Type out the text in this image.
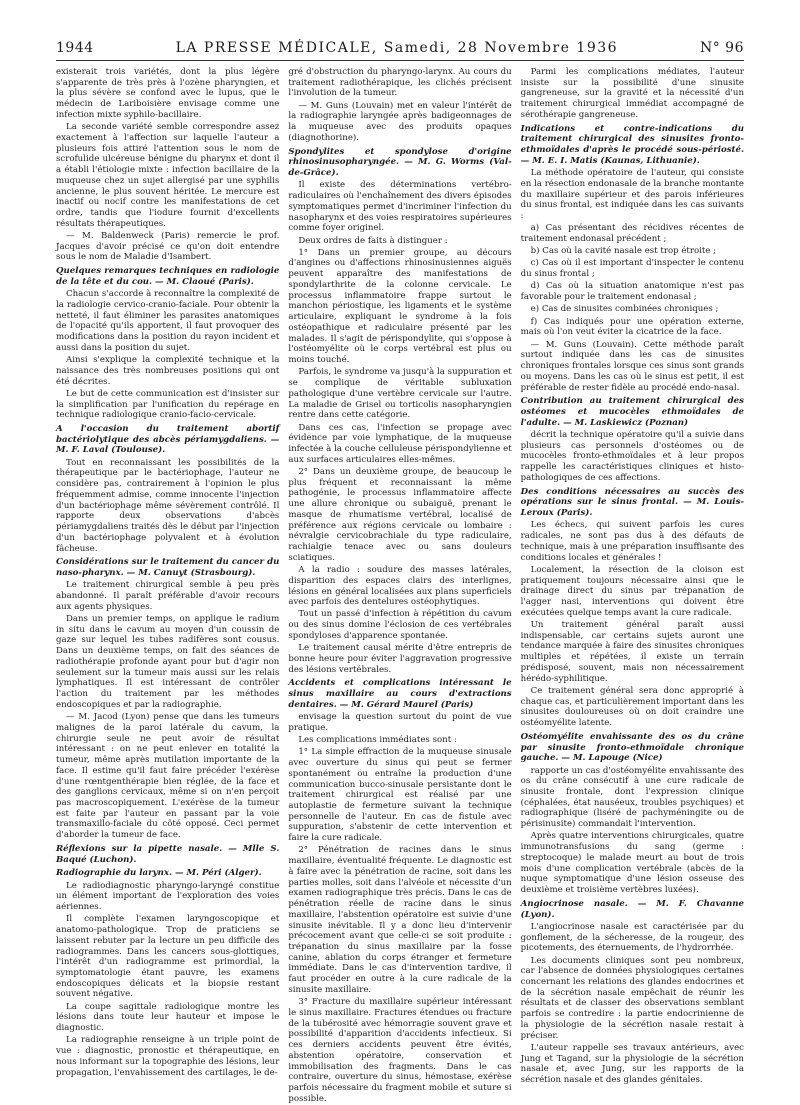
1944	LA PRESSE MÉDICALE, Samedi, 28 Novembre 1936	N° 96

existerait trois variétés, dont la plus légère s'apparente de très près à l'ozène pharyngien, et la plus sévère se confond avec le lupus, que le médecin de Lariboisière envisage comme une infection mixte syphilo-bacillaire.

La seconde variété semble correspondre assez exactement à l'affection sur laquelle l'auteur a plusieurs fois attiré l'attention sous le nom de scrofulide ulcéreuse bénigne du pharynx et dont il a établi l'étiologie mixte : infection bacillaire de la muqueuse chez un sujet allergisé par une syphilis ancienne, le plus souvent héritée. Le mercure est inactif ou nocif contre les manifestations de cet ordre, tandis que l'iodure fournit d'excellents résultats thérapeutiques.

— M. Baldenweck (Paris) remercie le prof. Jacques d'avoir précisé ce qu'on doit entendre sous le nom de Maladie d'Isambert.

Quelques remarques techniques en radiologie de la tête et du cou. — M. Claoué (Paris).

Chacun s'accorde à reconnaître la complexité de la radiologie cervico-cranio-faciale. Pour obtenir la netteté, il faut éliminer les parasites anatomiques de l'opacité qu'ils apportent, il faut provoquer des modifications dans la position du rayon incident et aussi dans la position du sujet.

Ainsi s'explique la complexité technique et la naissance des très nombreuses positions qui ont été décrites.

Le but de cette communication est d'insister sur la simplification par l'unification du repérage en technique radiologique cranio-facio-cervicale.

A l'occasion du traitement abortif bactériolytique des abcès périamygdaliens. — M. F. Laval (Toulouse).

Tout en reconnaissant les possibilités de la thérapeutique par le bactériophage, l'auteur ne considère pas, contrairement à l'opinion le plus fréquemment admise, comme innocente l'injection d'un bactériophage même sévèrement contrôlé. Il rapporte deux observations d'abcès périamygdaliens traités dès le début par l'injection d'un bactériophage polyvalent et à évolution fâcheuse.

Considérations sur le traitement du cancer du naso-pharynx. — M. Canuyt (Strasbourg).

Le traitement chirurgical semble à peu près abandonné. Il paraît préférable d'avoir recours aux agents physiques.

Dans un premier temps, on applique le radium in situ dans le cavum au moyen d'un coussin de gaze sur lequel les tubes radifères sont cousus. Dans un deuxième temps, on fait des séances de radiothérapie profonde ayant pour but d'agir non seulement sur la tumeur mais aussi sur les relais lymphatiques. Il est intéressant de contrôler l'action du traitement par les méthodes endoscopiques et par la radiographie.

— M. Jacod (Lyon) pense que dans les tumeurs malignes de la paroi latérale du cavum, la chirurgie seule ne peut avoir de résultat intéressant : on ne peut enlever en totalité la tumeur, même après mutilation importante de la face. Il estime qu'il faut faire précéder l'exérèse d'une rœntgenthérapie bien réglée, de la face et des ganglions cervicaux, même si on n'en perçoit pas macroscopiquement. L'exérèse de la tumeur est faite par l'auteur en passant par la voie transmaxillo-faciale du côté opposé. Ceci permet d'aborder la tumeur de face.

Réflexions sur la pipette nasale. — Mlle S. Baqué (Luchon).

Radiographie du larynx. — M. Péri (Alger).

Le radiodiagnostic pharyngo-laryngé constitue un élément important de l'exploration des voies aériennes.

Il complète l'examen laryngoscopique et anatomo-pathologique. Trop de praticiens se laissent rebuter par la lecture un peu difficile des radiogrammes. Dans les cancers sous-glottiques, l'intérêt d'un radiogramme est primordial, la symptomatologie étant pauvre, les examens endoscopiques délicats et la biopsie restant souvent négative.

La coupe sagittale radiologique montre les lésions dans toute leur hauteur et impose le diagnostic.

La radiographie renseigne à un triple point de vue : diagnostic, pronostic et thérapeutique, en nous informant sur la topographie des lésions, leur propagation, l'envahissement des cartilages, le de-

gré d'obstruction du pharyngo-larynx. Au cours du traitement radiothérapique, les clichés précisent l'involution de la tumeur.

— M. Guns (Louvain) met en valeur l'intérêt de la radiographie laryngée après badigeonnages de la muqueuse avec des produits opaques (diagnothorine).

Spondylites et spondylose d'origine rhinosinusopharyngée. — M. G. Worms (Val-de-Grâce).

Il existe des déterminations vertébro-radiculaires où l'enchaînement des divers épisodes symptomatiques permet d'incriminer l'infection du nasopharynx et des voies respiratoires supérieures comme foyer originel.

Deux ordres de faits à distinguer :

1° Dans un premier groupe, au décours d'angines ou d'affections rhinosinusiennes aiguës peuvent apparaître des manifestations de spondylarthrite de la colonne cervicale. Le processus inflammatoire frappe surtout le manchon périostique, les ligaments et le système articulaire, expliquant le syndrome à la fois ostéopathique et radiculaire présenté par les malades. Il s'agit de périspondylite, qui s'oppose à l'ostéomyélite où le corps vertébral est plus ou moins touché.

Parfois, le syndrome va jusqu'à la suppuration et se complique de véritable subluxation pathologique d'une vertèbre cervicale sur l'autre. La maladie de Grisel ou torticolis nasopharyngien rentre dans cette catégorie.

Dans ces cas, l'infection se propage avec évidence par voie lymphatique, de la muqueuse infectée à la couche celluleuse périspondylienne et aux surfaces articulaires elles-mêmes.

2° Dans un deuxième groupe, de beaucoup le plus fréquent et reconnaissant la même pathogénie, le processus inflammatoire affecte une allure chronique ou subaiguë, prenant le masque de rhumatisme vertébral, localisé de préférence aux régions cervicale ou lombaire : névralgie cervicobrachiale du type radiculaire, rachialgie tenace avec ou sans douleurs sciatiques.

A la radio : soudure des masses latérales, disparition des espaces clairs des interlignes, lésions en général localisées aux plans superficiels avec parfois des dentelures ostéophytiques.

Tout un passé d'infection à répétition du cavum ou des sinus domine l'éclosion de ces vertébrales spondyloses d'apparence spontanée.

Le traitement causal mérite d'être entrepris de bonne heure pour éviter l'aggravation progressive des lésions vertébrales.

Accidents et complications intéressant le sinus maxillaire au cours d'extractions dentaires. — M. Gérard Maurel (Paris)

envisage la question surtout du point de vue pratique.

Les complications immédiates sont :

1° La simple effraction de la muqueuse sinusale avec ouverture du sinus qui peut se fermer spontanément ou entraîne la production d'une communication bucco-sinusale persistante dont le traitement chirurgical est réalisé par une autoplastie de fermeture suivant la technique personnelle de l'auteur. En cas de fistule avec suppuration, s'abstenir de cette intervention et faire la cure radicale.

2° Pénétration de racines dans le sinus maxillaire, éventualité fréquente. Le diagnostic est à faire avec la pénétration de racine, soit dans les parties molles, soit dans l'alvéole et nécessite d'un examen radiographique très précis. Dans le cas de pénétration réelle de racine dans le sinus maxillaire, l'abstention opératoire est suivie d'une sinusite inévitable. Il y a donc lieu d'intervenir précocement avant que celle-ci se soit produite : trépanation du sinus maxillaire par la fosse canine, ablation du corps étranger et fermeture immédiate. Dans le cas d'intervention tardive, il faut procéder en outre à la cure radicale de la sinusite maxillaire.

3° Fracture du maxillaire supérieur intéressant le sinus maxillaire. Fractures étendues ou fracture de la tubérosité avec hémorragie souvent grave et possibilité d'apparition d'accidents infectieux. Si ces derniers accidents peuvent être évités, abstention opératoire, conservation et immobilisation des fragments. Dans le cas contraire, ouverture du sinus, hémostase, exérèse parfois nécessaire du fragment mobile et suture si possible.

Parmi les complications médiates, l'auteur insiste sur la possibilité d'une sinusite gangreneuse, sur la gravité et la nécessité d'un traitement chirurgical immédiat accompagné de sérothérapie gangreneuse.

Indications et contre-indications du traitement chirurgical des sinusites fronto-ethmoïdales d'après le procédé sous-périosté. — M. E. I. Matis (Kaunas, Lithuanie).

La méthode opératoire de l'auteur, qui consiste en la résection endonasale de la branche montante du maxillaire supérieur et des parois inférieures du sinus frontal, est indiquée dans les cas suivants :

a) Cas présentant des récidives récentes de traitement endonasal précédent ;

b) Cas où la cavité nasale est trop étroite ;

c) Cas où il est important d'inspecter le contenu du sinus frontal ;

d) Cas où la situation anatomique n'est pas favorable pour le traitement endonasal ;

e) Cas de sinusites combinées chroniques ;

f) Cas indiqués pour une opération externe, mais où l'on veut éviter la cicatrice de la face.

— M. Guns (Louvain). Cette méthode paraît surtout indiquée dans les cas de sinusites chroniques frontales lorsque ces sinus sont grands ou moyens. Dans les cas où le sinus est petit, il est préférable de rester fidèle au procédé endo-nasal.

Contribution au traitement chirurgical des ostéomes et mucocèles ethmoïdales de l'adulte. — M. Laskiewicz (Poznan)

décrit la technique opératoire qu'il a suivie dans plusieurs cas personnels d'ostéomes ou de mucocèles fronto-ethmoïdales et à leur propos rappelle les caractéristiques cliniques et histo-pathologiques de ces affections.

Des conditions nécessaires au succès des opérations sur le sinus frontal. — M. Louis-Leroux (Paris).

Les échecs, qui suivent parfois les cures radicales, ne sont pas dus à des défauts de technique, mais à une préparation insuffisante des conditions locales et générales !

Localement, la résection de la cloison est pratiquement toujours nécessaire ainsi que le drainage direct du sinus par trépanation de l'agger nasi, interventions qui doivent être exécutées quelque temps avant la cure radicale.

Un traitement général paraît aussi indispensable, car certains sujets auront une tendance marquée à faire des sinusites chroniques multiples et répétées, il existe un terrain prédisposé, souvent, mais non nécessairement hérédo-syphilitique.

Ce traitement général sera donc approprié à chaque cas, et particulièrement important dans les sinusites douloureuses où on doit craindre une ostéomyélite latente.

Ostéomyélite envahissante des os du crâne par sinusite fronto-ethmoïdale chronique gauche. — M. Lapouge (Nice)

rapporte un cas d'ostéomyélite envahissante des os du crâne consécutif à une cure radicale de sinusite frontale, dont l'expression clinique (céphalées, état nauséeux, troubles psychiques) et radiographique (liséré de pachyméningite ou de périsinusite) commandait l'intervention.

Après quatre interventions chirurgicales, quatre immunotransfusions du sang (germe : streptocoque) le malade meurt au bout de trois mois d'une complication vertébrale (abcès de la nuque symptomatique d'une lésion osseuse des deuxième et troisième vertèbres luxées).

Angiocrinose nasale. — M. F. Chavanne (Lyon).

L'angiocrinose nasale est caractérisée par du gonflement, de la sécheresse, de la rougeur, des picotements, des éternuements, de l'hydrorrhée.

Les documents cliniques sont peu nombreux, car l'absence de données physiologiques certaines concernant les relations des glandes endocrines et de la sécrétion nasale empêchait de réunir les résultats et de classer des observations semblant parfois se contredire : la partie endocrinienne de la physiologie de la sécrétion nasale restait à préciser.

L'auteur rappelle ses travaux antérieurs, avec Jung et Tagand, sur la physiologie de la sécrétion nasale et, avec Jung, sur les rapports de la sécrétion nasale et des glandes génitales.
